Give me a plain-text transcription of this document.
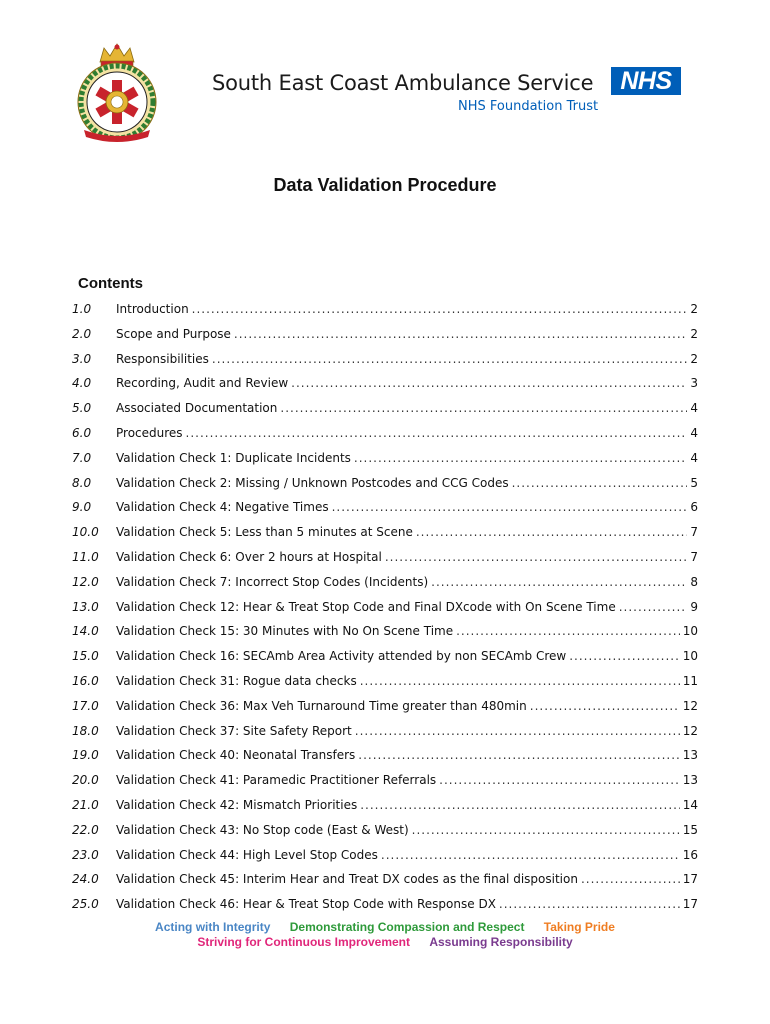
South East Coast Ambulance Service	NHS
NHS Foundation Trust
Data Validation Procedure
Contents
1.0	Introduction .....	2
2.0	Scope and Purpose .....	2
3.0	Responsibilities .....	2
4.0	Recording, Audit and Review .....	3
5.0	Associated Documentation .....	4
6.0	Procedures .....	4
7.0	Validation Check 1: Duplicate Incidents .....	4
8.0	Validation Check 2: Missing / Unknown Postcodes and CCG Codes .....	5
9.0	Validation Check 4: Negative Times .....	6
10.0	Validation Check 5: Less than 5 minutes at Scene .....	7
11.0	Validation Check 6: Over 2 hours at Hospital .....	7
12.0	Validation Check 7: Incorrect Stop Codes (Incidents) .....	8
13.0	Validation Check 12: Hear & Treat Stop Code and Final DXcode with On Scene Time .....	9
14.0	Validation Check 15: 30 Minutes with No On Scene Time .....	10
15.0	Validation Check 16: SECAmb Area Activity attended by non SECAmb Crew .....	10
16.0	Validation Check 31: Rogue data checks .....	11
17.0	Validation Check 36: Max Veh Turnaround Time greater than 480min .....	12
18.0	Validation Check 37: Site Safety Report .....	12
19.0	Validation Check 40: Neonatal Transfers .....	13
20.0	Validation Check 41: Paramedic Practitioner Referrals .....	13
21.0	Validation Check 42: Mismatch Priorities .....	14
22.0	Validation Check 43: No Stop code (East & West) .....	15
23.0	Validation Check 44: High Level Stop Codes .....	16
24.0	Validation Check 45: Interim Hear and Treat DX codes as the final disposition .....	17
25.0	Validation Check 46: Hear & Treat Stop Code with Response DX .....	17
Acting with Integrity Demonstrating Compassion and Respect Taking Pride
Striving for Continuous Improvement Assuming Responsibility
